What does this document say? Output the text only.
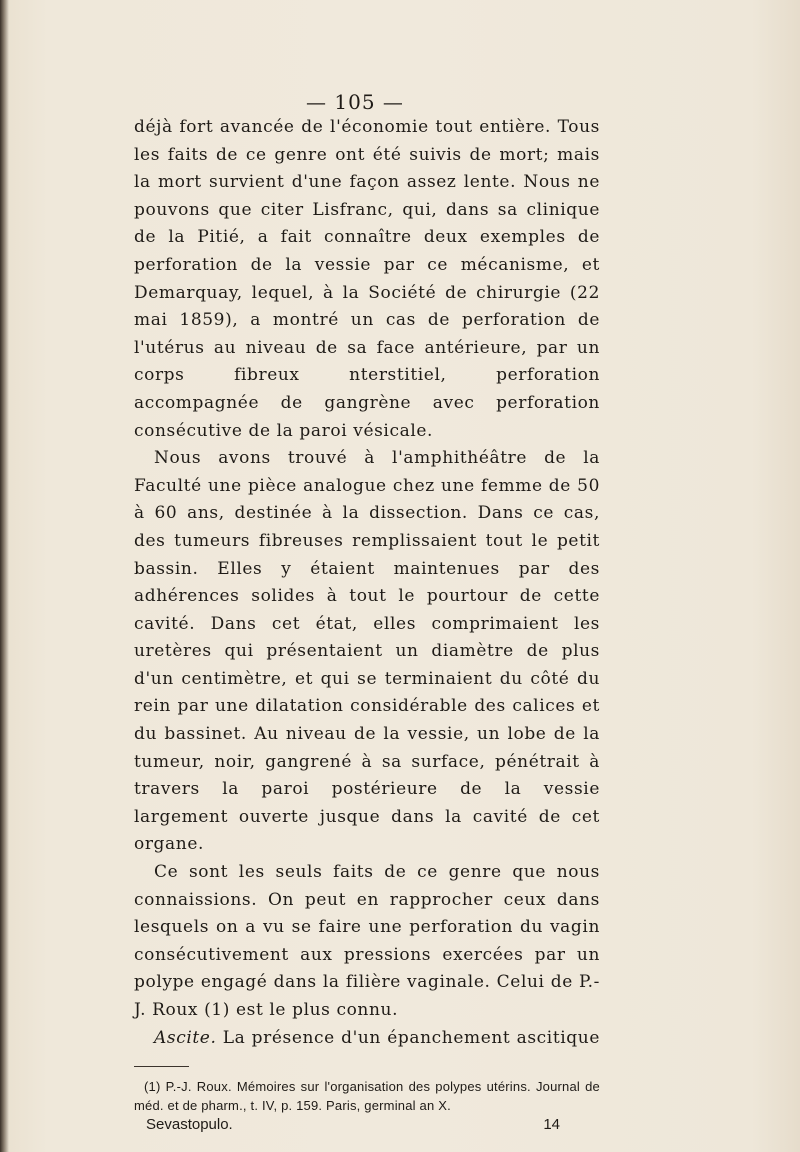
— 105 —

déjà fort avancée de l'économie tout entière. Tous les faits de ce genre ont été suivis de mort; mais la mort survient d'une façon assez lente. Nous ne pouvons que citer Lisfranc, qui, dans sa clinique de la Pitié, a fait connaître deux exemples de perforation de la vessie par ce mécanisme, et Demarquay, lequel, à la Société de chirurgie (22 mai 1859), a montré un cas de perforation de l'utérus au niveau de sa face antérieure, par un corps fibreux nterstitiel, perforation accompagnée de gangrène avec perforation consécutive de la paroi vésicale.

Nous avons trouvé à l'amphithéâtre de la Faculté une pièce analogue chez une femme de 50 à 60 ans, destinée à la dissection. Dans ce cas, des tumeurs fibreuses remplissaient tout le petit bassin. Elles y étaient maintenues par des adhérences solides à tout le pourtour de cette cavité. Dans cet état, elles comprimaient les uretères qui présentaient un diamètre de plus d'un centimètre, et qui se terminaient du côté du rein par une dilatation considérable des calices et du bassinet. Au niveau de la vessie, un lobe de la tumeur, noir, gangrené à sa surface, pénétrait à travers la paroi postérieure de la vessie largement ouverte jusque dans la cavité de cet organe.

Ce sont les seuls faits de ce genre que nous connaissions. On peut en rapprocher ceux dans lesquels on a vu se faire une perforation du vagin consécutivement aux pressions exercées par un polype engagé dans la filière vaginale. Celui de P.-J. Roux (1) est le plus connu.

Ascite. La présence d'un épanchement ascitique

(1) P.-J. Roux. Mémoires sur l'organisation des polypes utérins. Journal de méd. et de pharm., t. IV, p. 159. Paris, germinal an X.

Sevastopulo.	14
